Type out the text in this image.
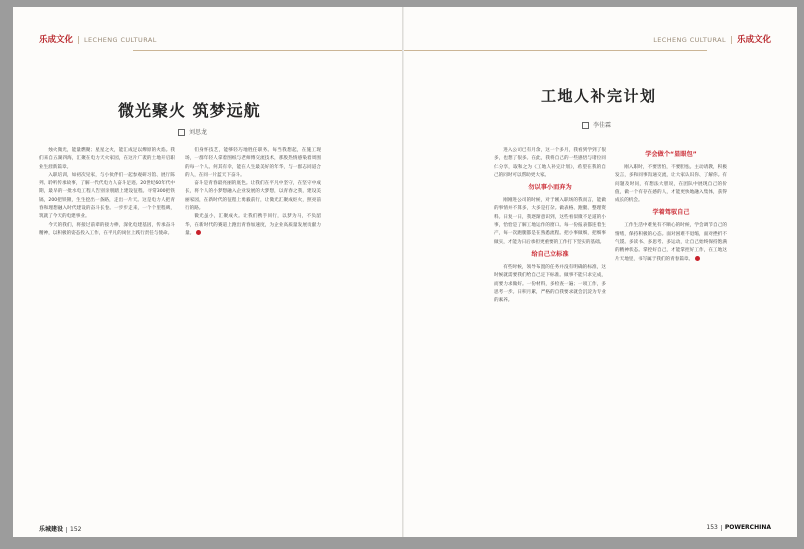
乐成文化 LECHENG CULTURAL
微光聚火 筑梦远航
刘思龙

烛火微光，能量燃聚；星星之火，能汇成足以燎原的火焰。我们来自五湖四海，汇聚在电力天火家园，在这片广袤的土地开启职业生涯新篇章。

入职培训，如初次见家，与小伙伴们一起参观研习馆、展厅陈列、聆听传承故事，了解一代代电力人奋斗足迹。20世纪60年代中期，最早的一批水电工程人告别亲朋踏上建设征程。寻常300把铁镐，200把铁锹，生生挖出一条路，走出一片天。这是电力人把青春和理想融入时代建设的奋斗长卷。一步步走来，一个个里程碑，筑就了今天的电建事业。

今天的我们，将接过前辈的接力棒，深化电建基因，传承奋斗精神，以积极的姿态投入工作，在平凡的岗位上践行责任与使命。

们身怀技艺，能够轻巧地胜任职务。每当我想起，在施工现场，一群年轻人拿着图纸与老师傅交流技术，那股热情感染着周围的每一个人。何其有幸，能在人生最美好的年华，与一群志同道合的人，在同一片蓝天下奋斗。

奋斗是青春最亮丽的底色。让我们在平凡中坚守，在坚守中成长，将个人的小梦想融入企业发展的大梦想，以青春之我，建设美丽家园，在新时代的征程上勇毅前行，让微光汇聚成炬火，照亮前行的路。

微光虽小，汇聚成火。让我们携手同行，以梦为马，不负韶华，在新时代的赛道上跑出青春加速度，为企业高质量发展贡献力量。

乐城建设 152
LECHENG CULTURAL 乐成文化
工地人补完计划
李佳霖

进入公司已有月余，这一个多月，我看到学到了很多，也想了很多。在此，我将自己的一些感悟与诸位同仁分享，取和之为《工地人补完计划》，希望在我的自己的同时可以帮助更大家。

勿以事小而弃为

刚刚进公司的时候，对于刚入职场的我而言，能做的事情并不算多，大多是打杂。做表格、跑腿、整理资料。日复一日，我逐渐意识到，这些看似微不足道的小事，恰恰是了解工地运作的窗口。每一份报表都连着生产，每一次跑腿都是在熟悉流程。把小事做细，把细事做实，才能为日后承担更重要的工作打下坚实的基础。

给自己立标准

有些时候，领导布置的任务并没有明确的标准，这时候就需要我们给自己定下标准。做事不能只求完成，而要力求做好。一份材料，多检查一遍；一项工作，多思考一步。日积月累，严格的自我要求就会沉淀为专业的素养。

学会做个“显眼包”

刚入职时，不要害怕，不要胆怯。主动请教，积极发言，多和同事沟通交流，让大家认识你、了解你。有问题及时问，有想法大胆说，在团队中展现自己的价值，做一个有存在感的人，才能更快地融入集体，获得成长的机会。

学着驾驭自己

工作生活中难免有不顺心的时候，学会调节自己的情绪，保持积极的心态。面对困难不退缩，面对挫折不气馁。多读书、多思考、多运动，让自己始终保持饱满的精神状态。掌控好自己，才能掌控好工作，在工地这片天地里，书写属于我们的青春篇章。

153 POWERCHINA
